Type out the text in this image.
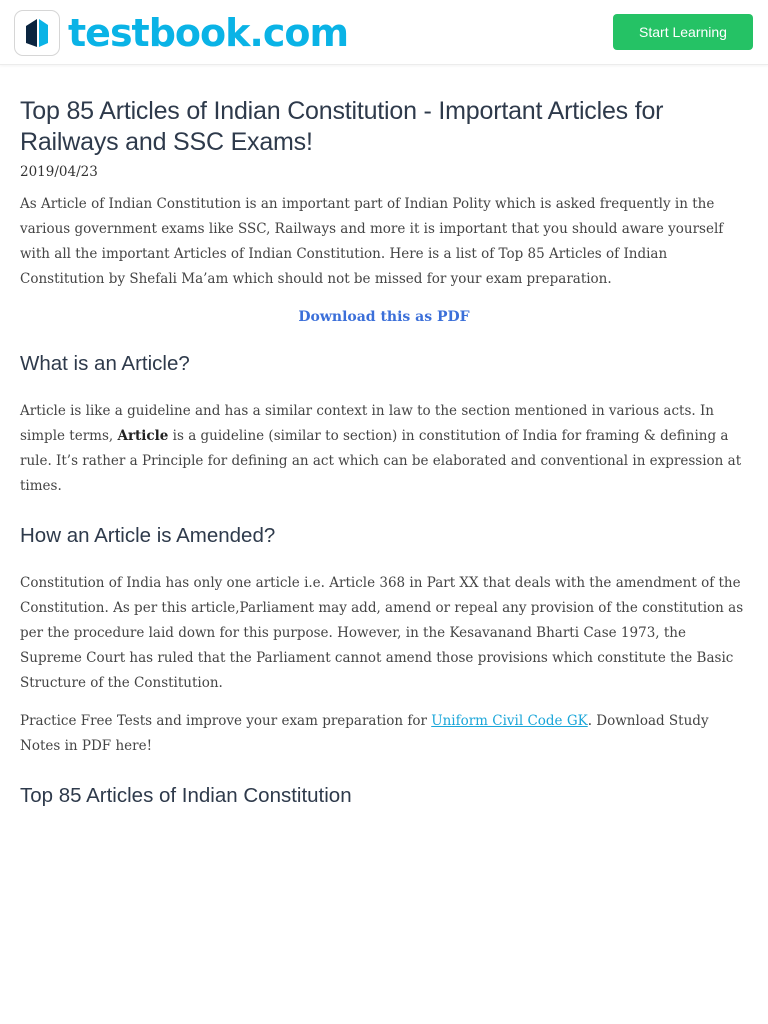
testbook.com	Start Learning
Top 85 Articles of Indian Constitution - Important Articles for Railways and SSC Exams!
2019/04/23

As Article of Indian Constitution is an important part of Indian Polity which is asked frequently in the various government exams like SSC, Railways and more it is important that you should aware yourself with all the important Articles of Indian Constitution. Here is a list of Top 85 Articles of Indian Constitution by Shefali Ma’am which should not be missed for your exam preparation.

Download this as PDF
What is an Article?

Article is like a guideline and has a similar context in law to the section mentioned in various acts. In simple terms, Article is a guideline (similar to section) in constitution of India for framing & defining a rule. It’s rather a Principle for defining an act which can be elaborated and conventional in expression at times.

How an Article is Amended?

Constitution of India has only one article i.e. Article 368 in Part XX that deals with the amendment of the Constitution. As per this article,Parliament may add, amend or repeal any provision of the constitution as per the procedure laid down for this purpose. However, in the Kesavanand Bharti Case 1973, the Supreme Court has ruled that the Parliament cannot amend those provisions which constitute the Basic Structure of the Constitution.

Practice Free Tests and improve your exam preparation for Uniform Civil Code GK. Download Study Notes in PDF here!

Top 85 Articles of Indian Constitution
